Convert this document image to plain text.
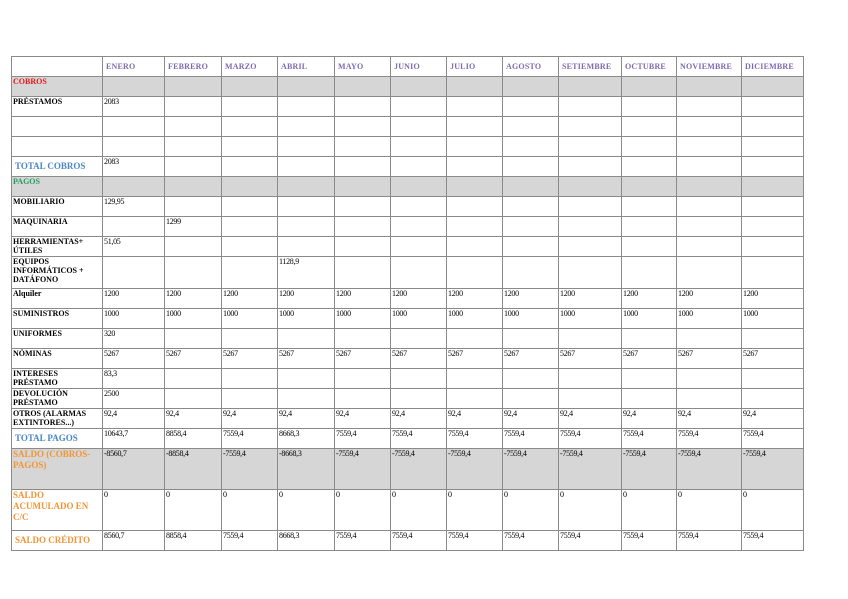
	ENERO	FEBRERO	MARZO	ABRIL	MAYO	JUNIO	JULIO	AGOSTO	SETIEMBRE	OCTUBRE	NOVIEMBRE	DICIEMBRE
COBROS												
PRÉSTAMOS	2083											

TOTAL COBROS	2083											
PAGOS												
MOBILIARIO	129,95											
MAQUINARIA		1299										
HERRAMIENTAS+ ÚTILES	51,05											
EQUIPOS INFORMÁTICOS + DATÁFONO				1128,9								
Alquiler	1200	1200	1200	1200	1200	1200	1200	1200	1200	1200	1200	1200
SUMINISTROS	1000	1000	1000	1000	1000	1000	1000	1000	1000	1000	1000	1000
UNIFORMES	320											
NÓMINAS	5267	5267	5267	5267	5267	5267	5267	5267	5267	5267	5267	5267
INTERESES PRÉSTAMO	83,3											
DEVOLUCIÓN PRÉSTAMO	2500											
OTROS (ALARMAS EXTINTORES...)	92,4	92,4	92,4	92,4	92,4	92,4	92,4	92,4	92,4	92,4	92,4	92,4
TOTAL PAGOS	10643,7	8858,4	7559,4	8668,3	7559,4	7559,4	7559,4	7559,4	7559,4	7559,4	7559,4	7559,4
SALDO (COBROS-PAGOS)	-8560,7	-8858,4	-7559,4	-8668,3	-7559,4	-7559,4	-7559,4	-7559,4	-7559,4	-7559,4	-7559,4	-7559,4
SALDO ACUMULADO EN C/C	0	0	0	0	0	0	0	0	0	0	0	0
SALDO CRÉDITO	8560,7	8858,4	7559,4	8668,3	7559,4	7559,4	7559,4	7559,4	7559,4	7559,4	7559,4	7559,4
